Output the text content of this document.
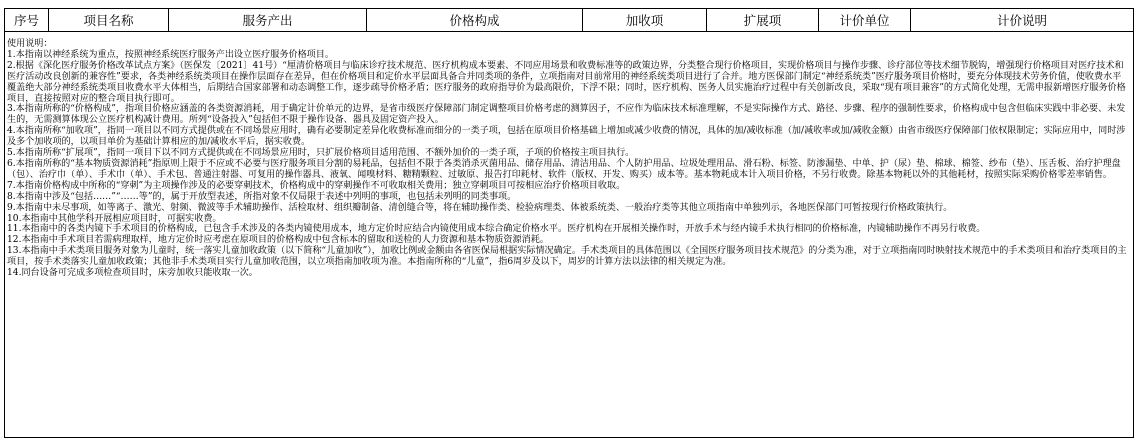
序号	项目名称	服务产出	价格构成	加收项	扩展项	计价单位	计价说明
使用说明：
1.本指南以神经系统为重点，按照神经系统医疗服务产出设立医疗服务价格项目。
2.根据《深化医疗服务价格改革试点方案》（医保发〔2021〕41号）“厘清价格项目与临床诊疗技术规范、医疗机构成本要素、不同应用场景和收费标准等的政策边界，分类整合现行价格项目，实现价格项目与操作步骤、诊疗部位等技术细节脱钩，增强现行价格项目对医疗技术和医疗活动改良创新的兼容性”要求，各类神经系统类项目在操作层面存在差异，但在价格项目和定价水平层面具备合并同类项的条件，立项指南对目前常用的神经系统类项目进行了合并。地方医保部门制定“神经系统类”医疗服务项目价格时，要充分体现技术劳务价值，使收费水平覆盖绝大部分神经系统类项目收费水平大体相当，后期结合国家部署和动态调整工作，逐步疏导价格矛盾；医疗服务的政府指导价为最高限价，下浮不限；同时，医疗机构、医务人员实施治疗过程中有关创新改良，采取“现有项目兼容”的方式简化处理，无需申报新增医疗服务价格项目，直接按照对应的整合项目执行即可。
3.本指南所称的“价格构成”，指项目价格应涵盖的各类资源消耗，用于确定计价单元的边界，是省市级医疗保障部门制定调整项目价格考虑的测算因子，不应作为临床技术标准理解，不是实际操作方式、路径、步骤、程序的强制性要求，价格构成中包含但临床实践中非必要、未发生的，无需测算体现公立医疗机构减计费用。所列“设备投入”包括但不限于操作设备、器具及固定资产投入。
4.本指南所称“加收项”，指同一项目以不同方式提供或在不同场景应用时，确有必要制定差异化收费标准而细分的一类子项，包括在原项目价格基础上增加或减少收费的情况，具体的加/减收标准（加/减收率或加/减收金额）由省市级医疗保障部门依权限制定；实际应用中，同时涉及多个加收项的，以项目单价为基础计算相应的加/减收水平后，据实收费。
5.本指南所称“扩展项”，指同一项目下以不同方式提供或在不同场景应用时，只扩展价格项目适用范围、不额外加价的一类子项，子项的价格按主项目执行。
6.本指南所称的“基本物质资源消耗”指原则上限于不应或不必要与医疗服务项目分割的易耗品，包括但不限于各类消杀灭菌用品、储存用品、清洁用品、个人防护用品、垃圾处理用品、滑石粉、标签、防渗漏垫、中单、护（尿）垫、棉球、棉签、纱布（垫）、压舌板、治疗护理盘（包）、治疗巾（单）、手术巾（单）、手术包、普通注射器、可复用的操作器具、液氧、闻嗅材料、糖精颗粒、过敏原、报告打印耗材、软件（版权、开发、购买）成本等。基本物耗成本计入项目价格，不另行收费。除基本物耗以外的其他耗材，按照实际采购价格零差率销售。
7.本指南价格构成中所称的“穿刺”为主项操作涉及的必要穿刺技术，价格构成中的穿刺操作不可收取相关费用；独立穿刺项目可按相应治疗价格项目收取。
8.本指南中涉及“包括……”“……等”的，属于开放型表述，所指对象不仅局限于表述中列明的事项，也包括未列明的同类事项。
9.本指南中未尽事项，如等离子、激光、射频、微波等手术辅助操作、活检取材、组织瓣制备、清创缝合等，将在辅助操作类、检验病理类、体被系统类、一般治疗类等其他立项指南中单独列示，各地医保部门可暂按现行价格政策执行。
10.本指南中其他学科开展相应项目时，可据实收费。
11.本指南中的各类内镜下手术项目的价格构成，已包含手术涉及的各类内镜使用成本，地方定价时应结合内镜使用成本综合确定价格水平。医疗机构在开展相关操作时，开放手术与经内镜手术执行相同的价格标准，内镜辅助操作不再另行收费。
12.本指南中手术项目若需病理取样，地方定价时应考虑在原项目的价格构成中包含标本的留取和送检的人力资源和基本物质资源消耗。
13.本指南中手术类项目服务对象为儿童时，统一落实儿童加收政策（以下简称“儿童加收”），加收比例或金额由各省医保局根据实际情况确定。手术类项目的具体范围以《全国医疗服务项目技术规范》的分类为准，对于立项指南同时映射技术规范中的手术类项目和治疗类项目的主项目，按手术类落实儿童加收政策；其他非手术类项目实行儿童加收范围，以立项指南加收项为准。本指南所称的“儿童”，指6周岁及以下，周岁的计算方法以法律的相关规定为准。
14.同台设备可完成多项检查项目时，床旁加收只能收取一次。
